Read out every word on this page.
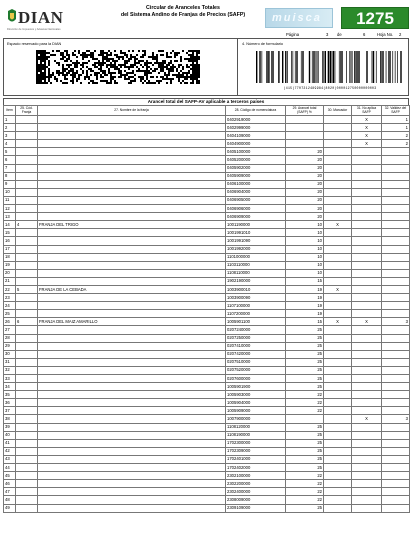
DIAN
Dirección de Impuestos y Aduanas Nacionales
Circular de Aranceles Totales
del Sistema Andino de Franjas de Precios (SAFP)	muisca	1275
Página	3 de	6	Hoja No. 2
Espacio reservado para la DIAN	4. Número de formulario
(415)7707212489984(8020)000012750000000003
Arancel total del SAFP-AV aplicable a terceros países
Item	25. Cód. Franja	27. Nombre de la franja	28. Código de nomenclatura	29. Arancel total (SAFP) %	30. Marcador	31. No aplica SAFP	32. Validez del SAFP
1			0402919000			X	1
2			0402999000			X	1
3			0404109000			X	2
4			0404900000			X	2
5			0405100000	20			
6			0405200000	20			
7			0405902000	20			
8			0405909000	20			
9			0406100000	20			
10			0406904000	20			
11			0406905000	20			
12			0406906000	20			
13			0406909000	20			
14	4	FRANJA DEL TRIGO	1001190000	10	X		
15			1001991010	10			
16			1001991090	10			
17			1001992000	10			
18			1101000000	10			
19			1103110000	10			
20			1108110000	10			
21			1902190000	15			
22	5	FRANJA DE LA CEBADA	1003900010	19	X		
23			1003900090	19			
24			1107100000	19			
25			1107200000	19			
26	6	FRANJA DEL MAIZ AMARILLO	1005901100	15	X	X	3
27			0207240000	25			
28			0207250000	25			
29			0207410000	25			
30			0207420000	25			
31			0207510000	25			
32			0207520000	25			
33			0207600000	25			
34			1005901900	25			
35			1005903000	22			
36			1005904000	22			
37			1005909000	22			
38			1007900000			X	3
39			1108120000	25			
40			1108190000	25			
41			1702300000	25			
42			1702309000	25			
43			1702401000	25			
44			1702402000	25			
45			2302100000	22			
46			2302200000	22			
47			2302400000	22			
48			2308009000	22			
49			2309109000	25			
